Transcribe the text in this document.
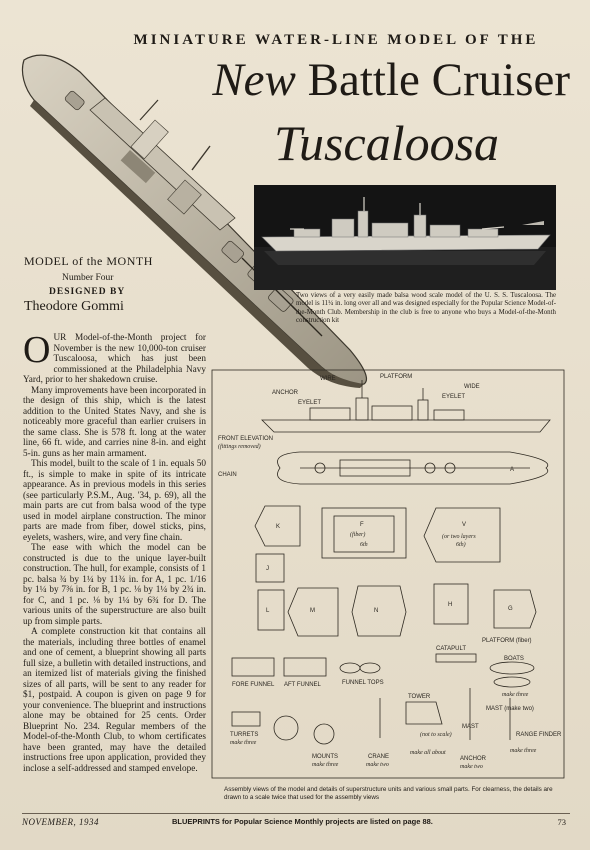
MINIATURE WATER-LINE MODEL OF THE
New Battle Cruiser
Tuscaloosa
Two views of a very easily made balsa wood scale model of the U. S. S. Tuscaloosa. The model is 11¼ in. long over all and was designed especially for the Popular Science Model-of-the-Month Club. Membership in the club is free to anyone who buys a Model-of-the-Month construction kit
MODEL of the MONTH
Number Four
DESIGNED BY
Theodore Gommi

OUR Model-of-the-Month project for November is the new 10,000-ton cruiser Tuscaloosa, which has just been commissioned at the Philadelphia Navy Yard, prior to her shakedown cruise.

Many improvements have been incorporated in the design of this ship, which is the latest addition to the United States Navy, and she is noticeably more graceful than earlier cruisers in the same class. She is 578 ft. long at the water line, 66 ft. wide, and carries nine 8-in. and eight 5-in. guns as her main armament.

This model, built to the scale of 1 in. equals 50 ft., is simple to make in spite of its intricate appearance. As in previous models in this series (see particularly P.S.M., Aug. '34, p. 69), all the main parts are cut from balsa wood of the type used in model airplane construction. The minor parts are made from fiber, dowel sticks, pins, eyelets, washers, wire, and very fine chain.

The ease with which the model can be constructed is due to the unique layer-built construction. The hull, for example, consists of 1 pc. balsa ¾ by 1¼ by 11¾ in. for A, 1 pc. 1/16 by 1¼ by 7⅜ in. for B, 1 pc. ⅛ by 1¼ by 2¾ in. for C, and 1 pc. ⅛ by 1¼ by 6¾ for D. The various units of the superstructure are also built up from simple parts.

A complete construction kit that contains all the materials, including three bottles of enamel and one of cement, a blueprint showing all parts full size, a bulletin with detailed instructions, and an itemized list of materials giving the finished sizes of all parts, will be sent to any reader for $1, postpaid. A coupon is given on page 9 for your convenience. The blueprint and instructions alone may be obtained for 25 cents. Order Blueprint No. 234. Regular members of the Model-of-the-Month Club, to whom certificates have been granted, may have the detailed instructions free upon application, provided they inclose a self-addressed and stamped envelope.

WIRE	PLATFORM
WIDE
ANCHOR
EYELET
EYELET
FRONT ELEVATION
(fittings removed)
CHAIN
A
K	F
(fiber)
6th
V
(or two layers
6th)
J
L	M	N
H
G
PLATFORM (fiber)
FORE FUNNEL AFT FUNNEL	FUNNEL TOPS
CATAPULT
BOATS
make three
MAST (make two)
TOWER
MAST
RANGE FINDER
TURRETS
make three
MOUNTS
make three
CRANE
make two
make all about
ANCHOR
make two
(not to scale)
make three
Assembly views of the model and details of superstructure units and various small parts. For clearness, the details are drawn to a scale twice that used for the assembly views
NOVEMBER, 1934	BLUEPRINTS for Popular Science Monthly projects are listed on page 88.	73
